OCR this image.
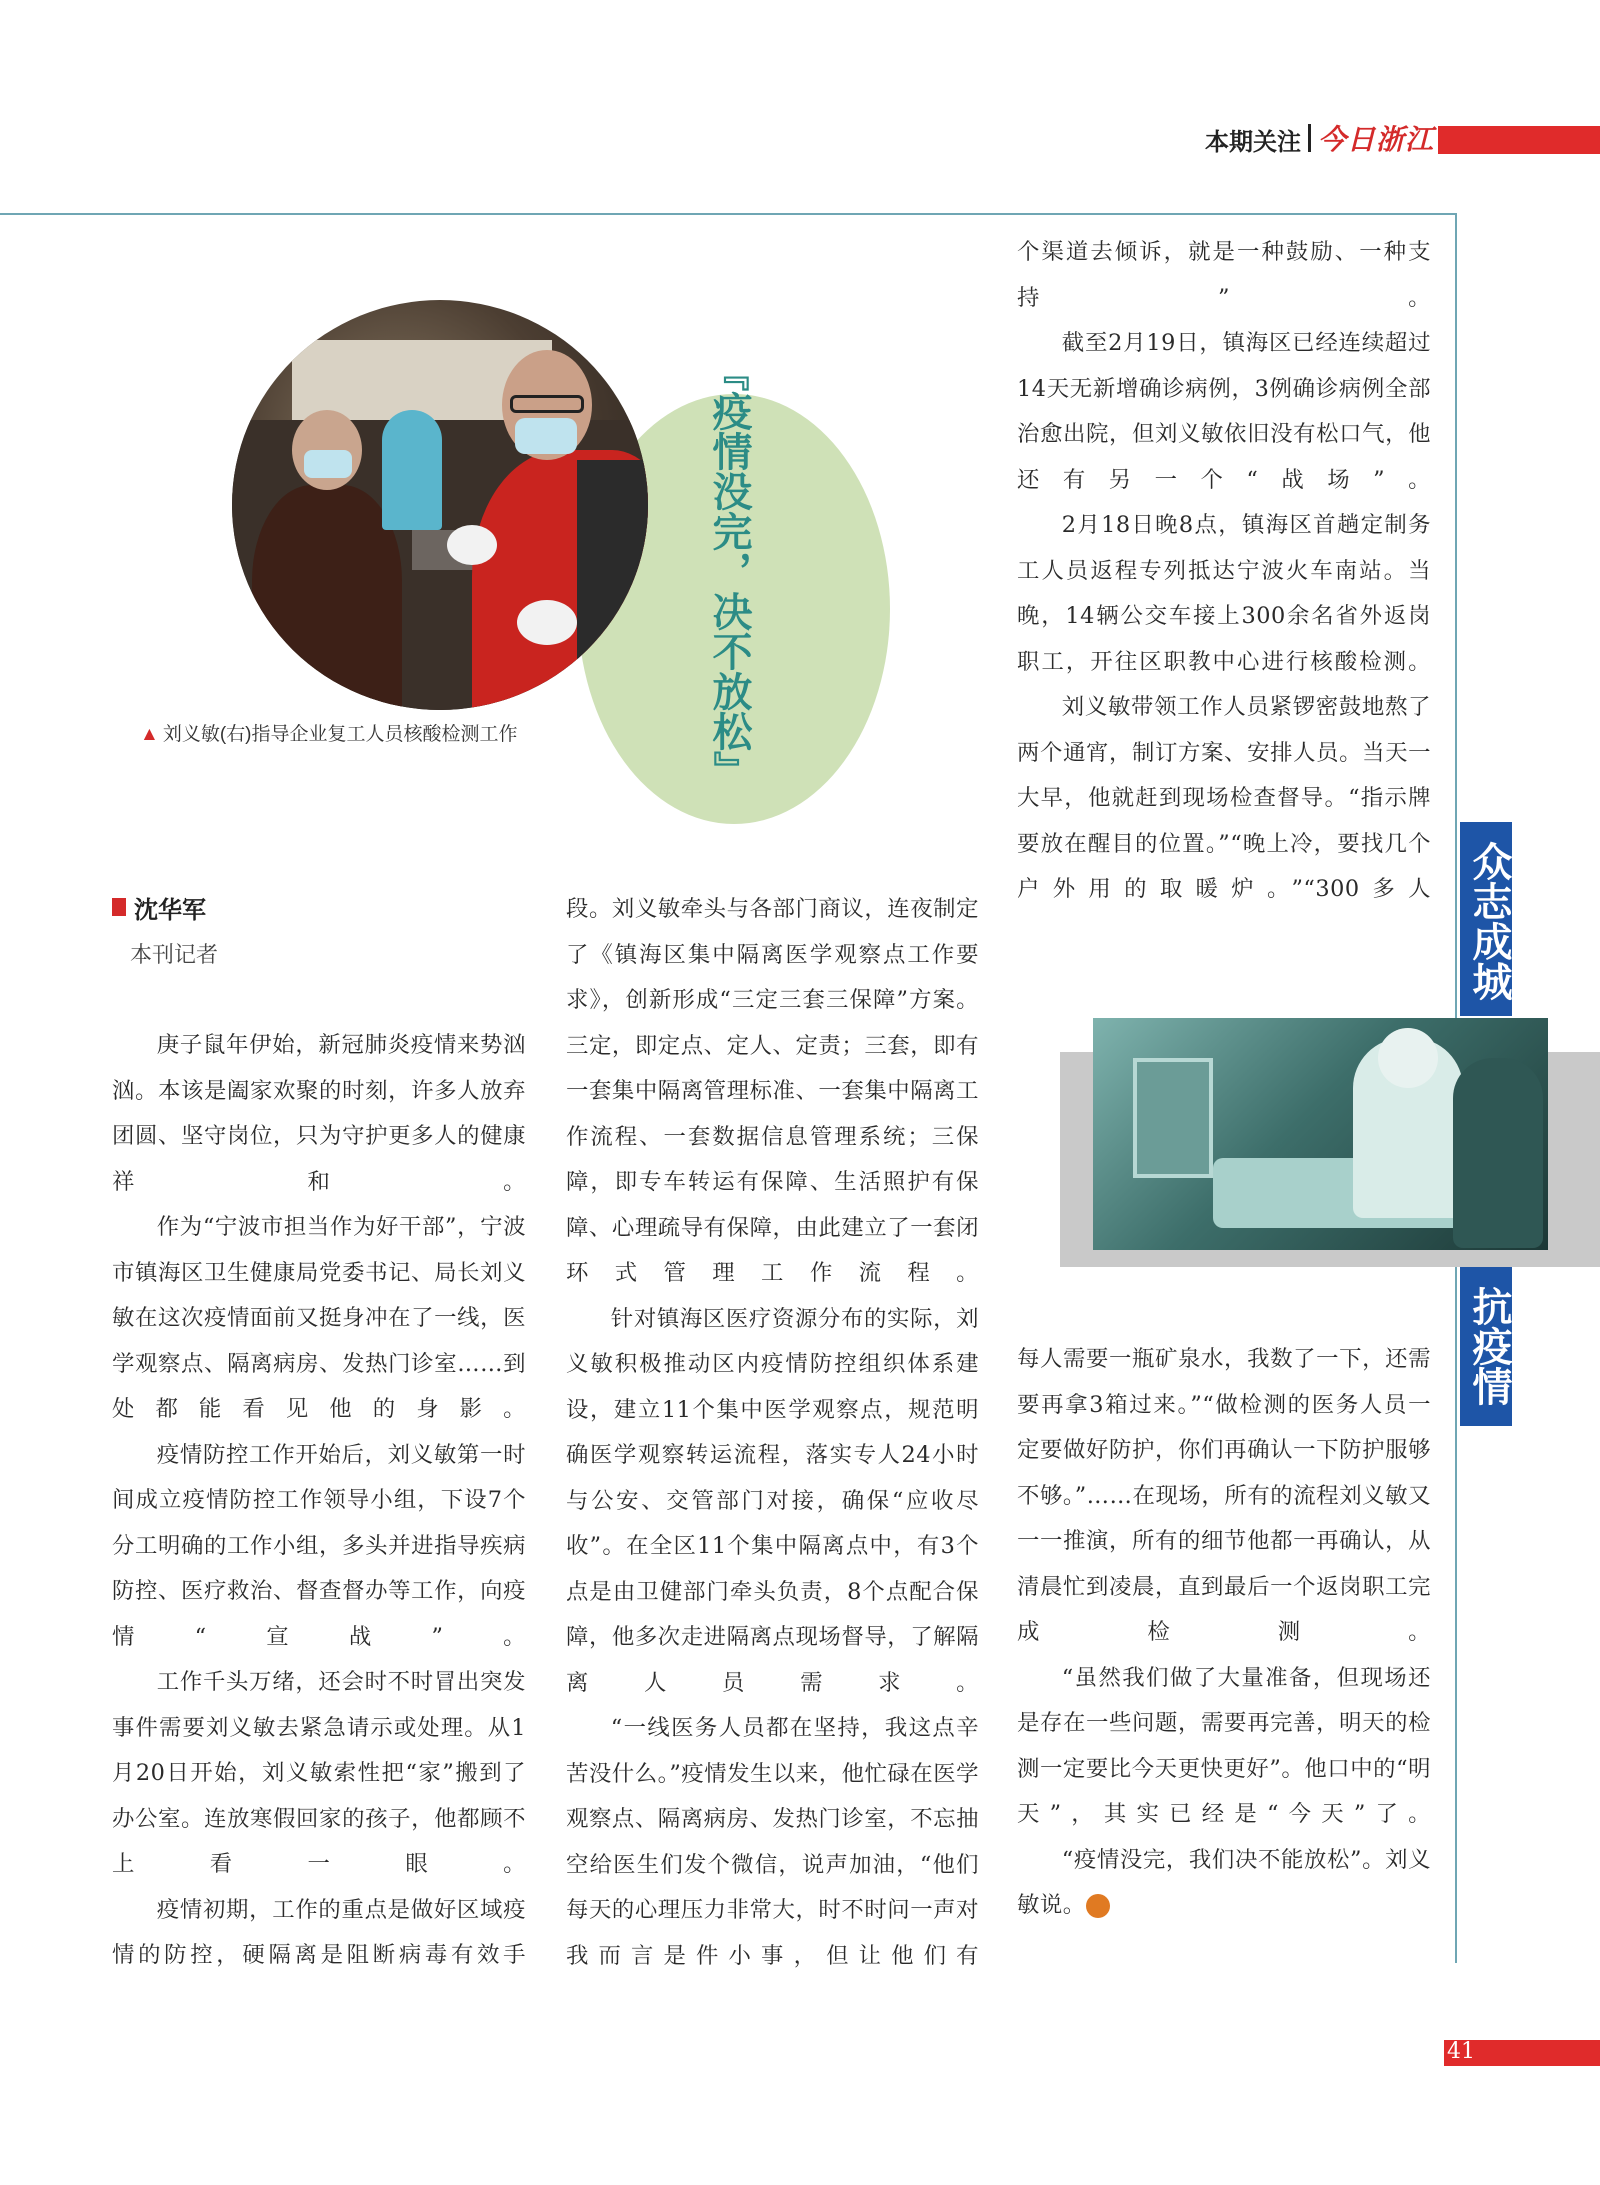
本期关注 今日浙江
▲ 刘义敏(右)指导企业复工人员核酸检测工作
『疫情没完，决不放松』
沈华军
本刊记者

庚子鼠年伊始，新冠肺炎疫情来势汹汹。本该是阖家欢聚的时刻，许多人放弃团圆、坚守岗位，只为守护更多人的健康祥和。

作为“宁波市担当作为好干部”，宁波市镇海区卫生健康局党委书记、局长刘义敏在这次疫情面前又挺身冲在了一线，医学观察点、隔离病房、发热门诊室……到处都能看见他的身影。

疫情防控工作开始后，刘义敏第一时间成立疫情防控工作领导小组，下设7个分工明确的工作小组，多头并进指导疾病防控、医疗救治、督查督办等工作，向疫情“宣战”。

工作千头万绪，还会时不时冒出突发事件需要刘义敏去紧急请示或处理。从1月20日开始，刘义敏索性把“家”搬到了办公室。连放寒假回家的孩子，他都顾不上看一眼。

疫情初期，工作的重点是做好区域疫情的防控，硬隔离是阻断病毒有效手

段。刘义敏牵头与各部门商议，连夜制定了《镇海区集中隔离医学观察点工作要求》，创新形成“三定三套三保障”方案。三定，即定点、定人、定责；三套，即有一套集中隔离管理标准、一套集中隔离工作流程、一套数据信息管理系统；三保障，即专车转运有保障、生活照护有保障、心理疏导有保障，由此建立了一套闭环式管理工作流程。

针对镇海区医疗资源分布的实际，刘义敏积极推动区内疫情防控组织体系建设，建立11个集中医学观察点，规范明确医学观察转运流程，落实专人24小时与公安、交管部门对接，确保“应收尽收”。在全区11个集中隔离点中，有3个点是由卫健部门牵头负责，8个点配合保障，他多次走进隔离点现场督导，了解隔离人员需求。

“一线医务人员都在坚持，我这点辛苦没什么。”疫情发生以来，他忙碌在医学观察点、隔离病房、发热门诊室，不忘抽空给医生们发个微信，说声加油，“他们每天的心理压力非常大，时不时问一声对我而言是件小事，但让他们有

个渠道去倾诉，就是一种鼓励、一种支持”。

截至2月19日，镇海区已经连续超过14天无新增确诊病例，3例确诊病例全部治愈出院，但刘义敏依旧没有松口气，他还有另一个“战场”。

2月18日晚8点，镇海区首趟定制务工人员返程专列抵达宁波火车南站。当晚，14辆公交车接上300余名省外返岗职工，开往区职教中心进行核酸检测。

刘义敏带领工作人员紧锣密鼓地熬了两个通宵，制订方案、安排人员。当天一大早，他就赶到现场检查督导。“指示牌要放在醒目的位置。”“晚上冷，要找几个户外用的取暖炉。”“300多人 众志成城
抗疫情

每人需要一瓶矿泉水，我数了一下，还需要再拿3箱过来。”“做检测的医务人员一定要做好防护，你们再确认一下防护服够不够。”……在现场，所有的流程刘义敏又一一推演，所有的细节他都一再确认，从清晨忙到凌晨，直到最后一个返岗职工完成检测。

“虽然我们做了大量准备，但现场还是存在一些问题，需要再完善，明天的检测一定要比今天更快更好”。他口中的“明天”，其实已经是“今天”了。

“疫情没完，我们决不能放松”。刘义敏说。	今

41
